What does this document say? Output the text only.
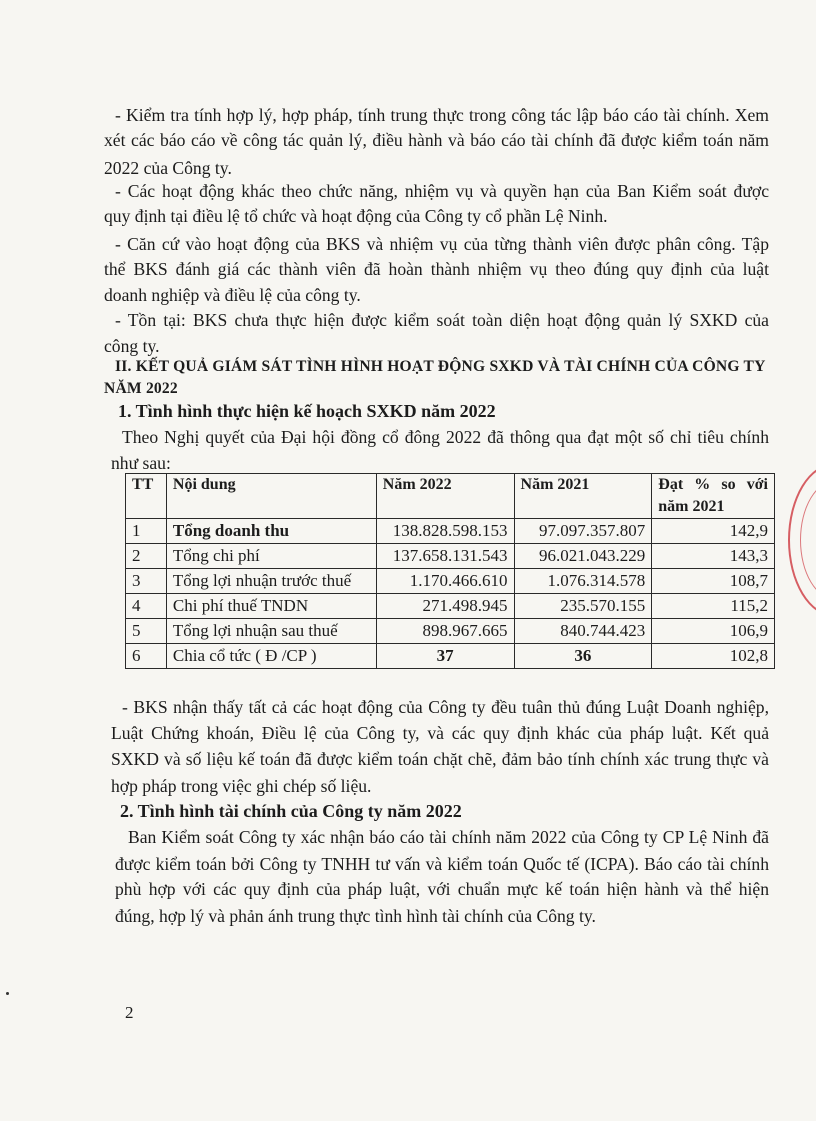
- Kiểm tra tính hợp lý, hợp pháp, tính trung thực trong công tác lập báo cáo tài chính. Xem
xét các báo cáo về công tác quản lý, điều hành và báo cáo tài chính đã được kiểm toán năm
2022 của Công ty.
- Các hoạt động khác theo chức năng, nhiệm vụ và quyền hạn của Ban Kiểm soát được
quy định tại điều lệ tổ chức và hoạt động của Công ty cổ phần Lệ Ninh.
- Căn cứ vào hoạt động của BKS và nhiệm vụ của từng thành viên được phân công. Tập
thể BKS đánh giá các thành viên đã hoàn thành nhiệm vụ theo đúng quy định của luật
doanh nghiệp và điều lệ của công ty.
- Tồn tại: BKS chưa thực hiện được kiểm soát toàn diện hoạt động quản lý SXKD của
công ty.
II. KẾT QUẢ GIÁM SÁT TÌNH HÌNH HOẠT ĐỘNG SXKD VÀ TÀI CHÍNH CỦA CÔNG TY
NĂM 2022
1. Tình hình thực hiện kế hoạch SXKD năm 2022
Theo Nghị quyết của Đại hội đồng cổ đông 2022 đã thông qua đạt một số chỉ tiêu chính
như sau:
TT	Nội dung	Năm 2022	Năm 2021	Đạt % so với
năm 2021
1	Tổng doanh thu	138.828.598.153	97.097.357.807	142,9
2	Tổng chi phí	137.658.131.543	96.021.043.229	143,3
3	Tổng lợi nhuận trước thuế	1.170.466.610	1.076.314.578	108,7
4	Chi phí thuế TNDN	271.498.945	235.570.155	115,2
5	Tổng lợi nhuận sau thuế	898.967.665	840.744.423	106,9
6	Chia cổ tức ( Đ /CP )	37	36	102,8
- BKS nhận thấy tất cả các hoạt động của Công ty đều tuân thủ đúng Luật Doanh nghiệp,
Luật Chứng khoán, Điều lệ của Công ty, và các quy định khác của pháp luật. Kết quả
SXKD và số liệu kế toán đã được kiểm toán chặt chẽ, đảm bảo tính chính xác trung thực và
hợp pháp trong việc ghi chép số liệu.
2. Tình hình tài chính của Công ty năm 2022
Ban Kiểm soát Công ty xác nhận báo cáo tài chính năm 2022 của Công ty CP Lệ Ninh đã
được kiểm toán bởi Công ty TNHH tư vấn và kiểm toán Quốc tế (ICPA). Báo cáo tài chính
phù hợp với các quy định của pháp luật, với chuẩn mực kế toán hiện hành và thể hiện
đúng, hợp lý và phản ánh trung thực tình hình tài chính của Công ty.
2
